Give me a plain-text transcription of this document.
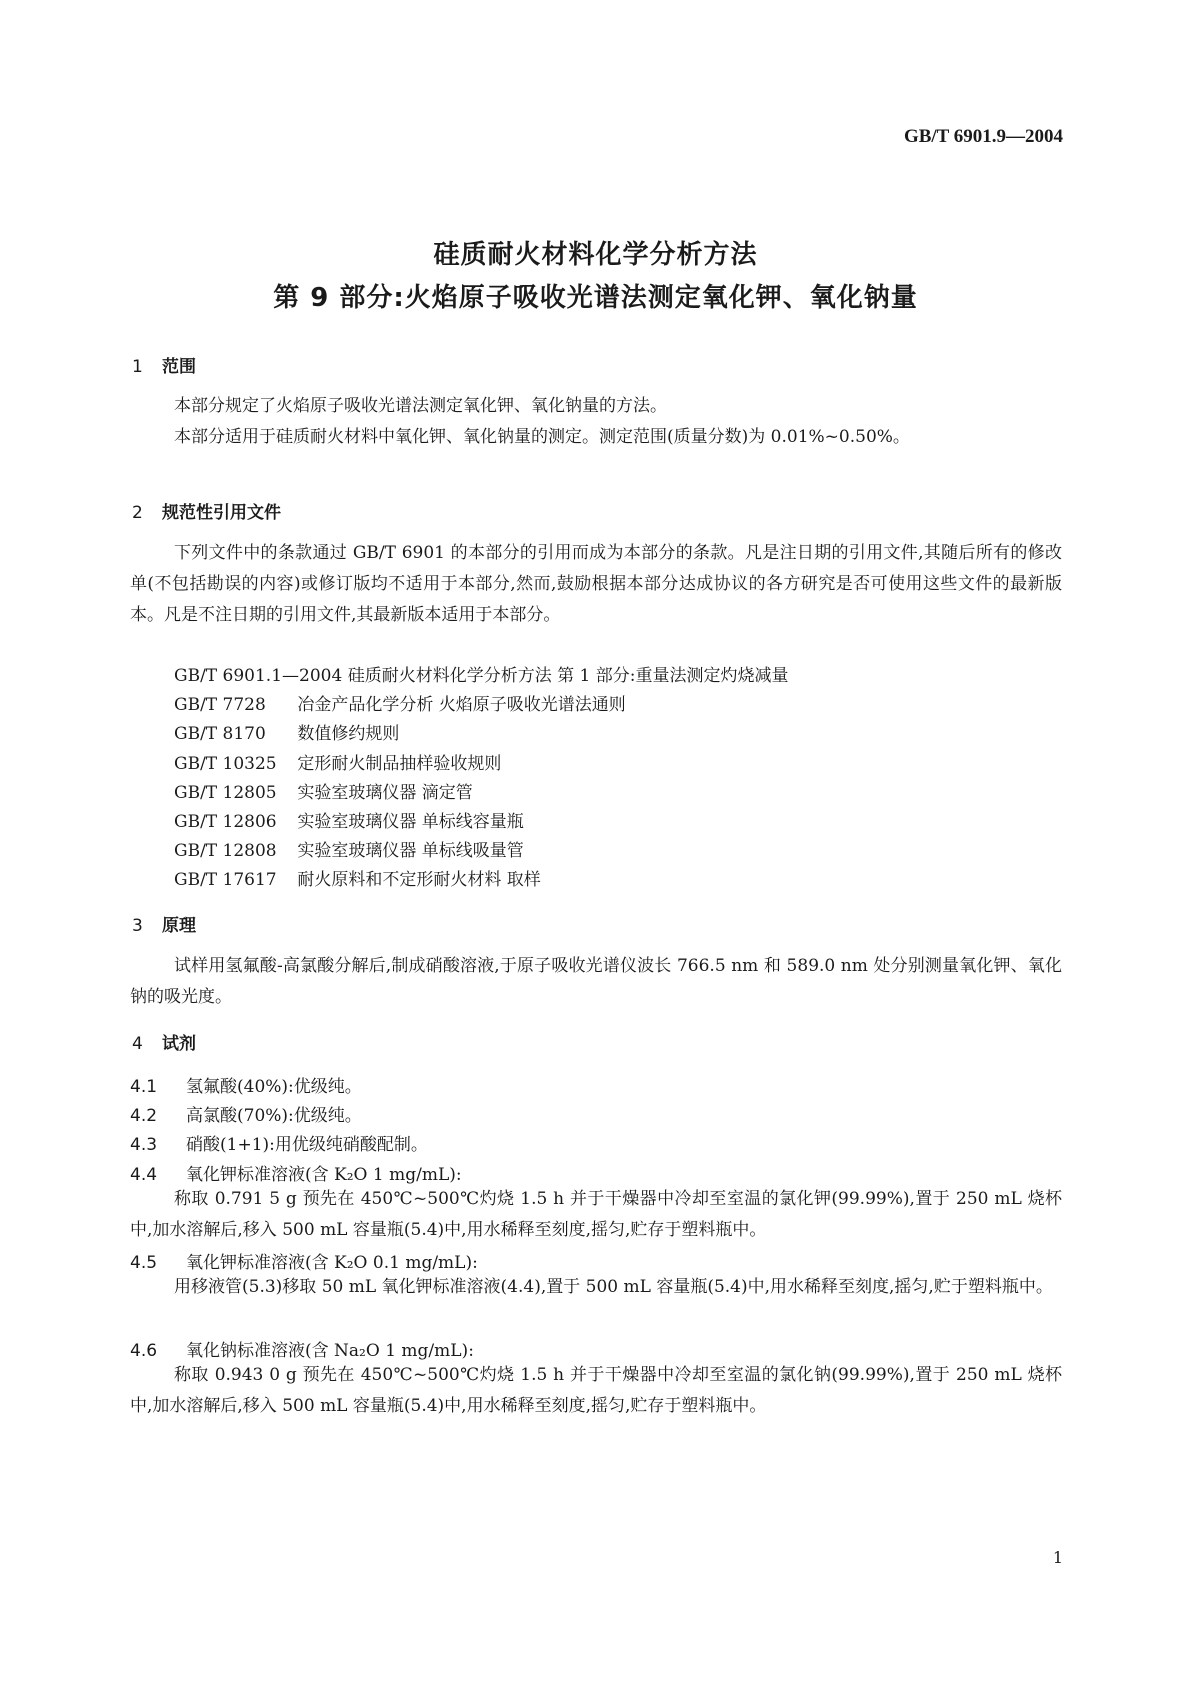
GB/T 6901.9—2004
硅质耐火材料化学分析方法
第 9 部分:火焰原子吸收光谱法测定氧化钾、氧化钠量
1 范围
本部分规定了火焰原子吸收光谱法测定氧化钾、氧化钠量的方法。
本部分适用于硅质耐火材料中氧化钾、氧化钠量的测定。测定范围(质量分数)为 0.01%~0.50%。
2 规范性引用文件
下列文件中的条款通过 GB/T 6901 的本部分的引用而成为本部分的条款。凡是注日期的引用文件,其随后所有的修改单(不包括勘误的内容)或修订版均不适用于本部分,然而,鼓励根据本部分达成协议的各方研究是否可使用这些文件的最新版本。凡是不注日期的引用文件,其最新版本适用于本部分。
GB/T 6901.1—2004 硅质耐火材料化学分析方法 第 1 部分:重量法测定灼烧减量
GB/T 7728 冶金产品化学分析 火焰原子吸收光谱法通则
GB/T 8170 数值修约规则
GB/T 10325 定形耐火制品抽样验收规则
GB/T 12805 实验室玻璃仪器 滴定管
GB/T 12806 实验室玻璃仪器 单标线容量瓶
GB/T 12808 实验室玻璃仪器 单标线吸量管
GB/T 17617 耐火原料和不定形耐火材料 取样
3 原理
试样用氢氟酸-高氯酸分解后,制成硝酸溶液,于原子吸收光谱仪波长 766.5 nm 和 589.0 nm 处分别测量氧化钾、氧化钠的吸光度。
4 试剂
4.1 氢氟酸(40%):优级纯。
4.2 高氯酸(70%):优级纯。
4.3 硝酸(1+1):用优级纯硝酸配制。
4.4 氧化钾标准溶液(含 K₂O 1 mg/mL):
称取 0.791 5 g 预先在 450℃~500℃灼烧 1.5 h 并于干燥器中冷却至室温的氯化钾(99.99%),置于 250 mL 烧杯中,加水溶解后,移入 500 mL 容量瓶(5.4)中,用水稀释至刻度,摇匀,贮存于塑料瓶中。
4.5 氧化钾标准溶液(含 K₂O 0.1 mg/mL):
用移液管(5.3)移取 50 mL 氧化钾标准溶液(4.4),置于 500 mL 容量瓶(5.4)中,用水稀释至刻度,摇匀,贮于塑料瓶中。
4.6 氧化钠标准溶液(含 Na₂O 1 mg/mL):
称取 0.943 0 g 预先在 450℃~500℃灼烧 1.5 h 并于干燥器中冷却至室温的氯化钠(99.99%),置于 250 mL 烧杯中,加水溶解后,移入 500 mL 容量瓶(5.4)中,用水稀释至刻度,摇匀,贮存于塑料瓶中。
1
